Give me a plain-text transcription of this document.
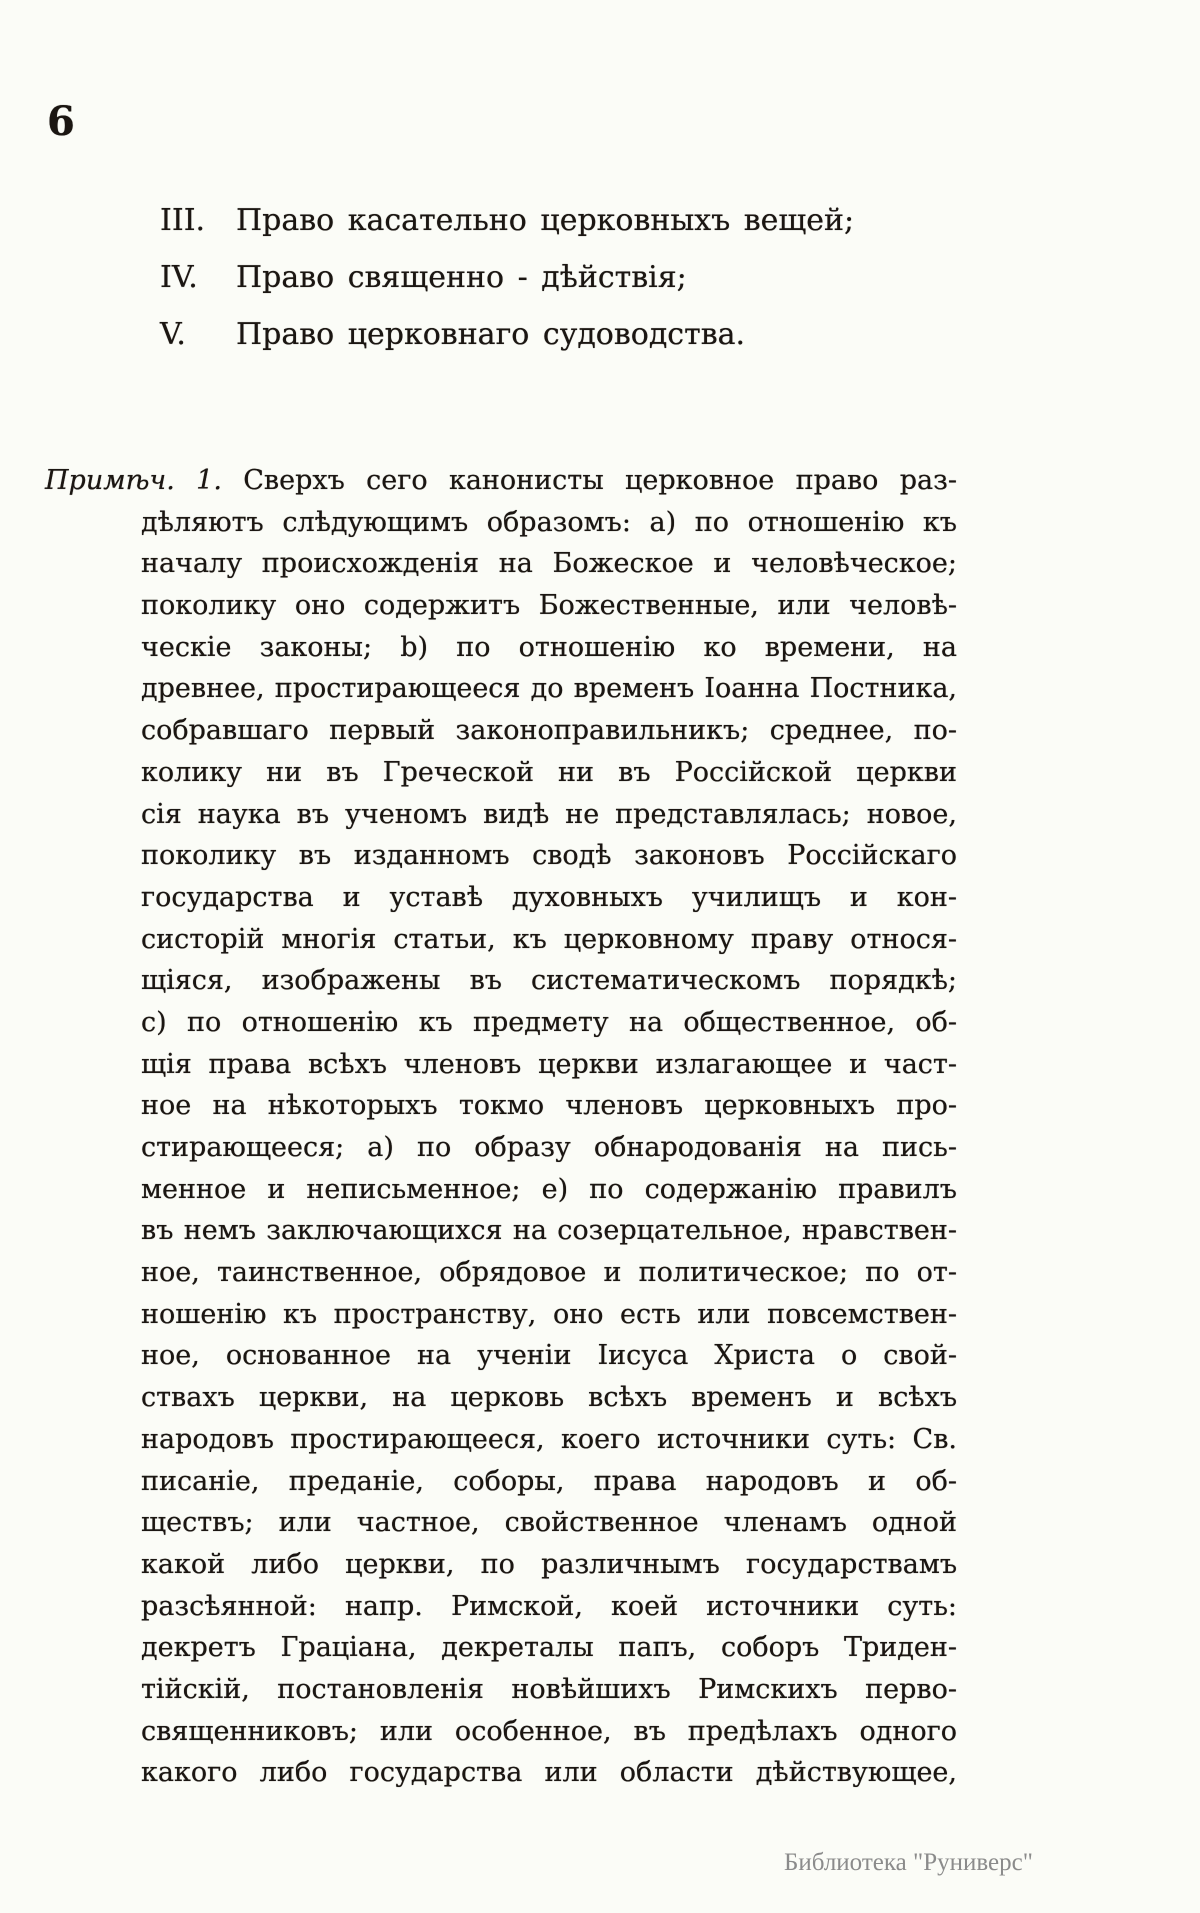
6
III.	Право касательно церковныхъ вещей;
IV.	Право священно - дѣйствія;
V.	Право церковнаго судоводства.
Примѣч. 1. Сверхъ сего канонисты церковное право раз-
дѣляютъ слѣдующимъ образомъ: а) по отношенію къ
началу происхожденія на Божеское и человѣческое;
поколику оно содержитъ Божественные, или человѣ-
ческіе законы; b) по отношенію ко времени, на
древнее, простирающееся до временъ Іоанна Постника,
собравшаго первый законоправильникъ; среднее, по-
колику ни въ Греческой ни въ Россійской церкви
сія наука въ ученомъ видѣ не представлялась; новое,
поколику въ изданномъ сводѣ законовъ Россійскаго
государства и уставѣ духовныхъ училищъ и кон-
систорій многія статьи, къ церковному праву относя-
щіяся, изображены въ систематическомъ порядкѣ;
с) по отношенію къ предмету на общественное, об-
щія права всѣхъ членовъ церкви излагающее и част-
ное на нѣкоторыхъ токмо членовъ церковныхъ про-
стирающееся; а) по образу обнародованія на пись-
менное и неписьменное; е) по содержанію правилъ
въ немъ заключающихся на созерцательное, нравствен-
ное, таинственное, обрядовое и политическое; по от-
ношенію къ пространству, оно есть или повсемствен-
ное, основанное на ученіи Іисуса Христа о свой-
ствахъ церкви, на церковь всѣхъ временъ и всѣхъ
народовъ простирающееся, коего источники суть: Св.
писаніе, преданіе, соборы, права народовъ и об-
ществъ; или частное, свойственное членамъ одной
какой либо церкви, по различнымъ государствамъ
разсѣянной: напр. Римской, коей источники суть:
декретъ Граціана, декреталы папъ, соборъ Триден-
тійскій, постановленія новѣйшихъ Римскихъ перво-
священниковъ; или особенное, въ предѣлахъ одного
какого либо государства или области дѣйствующее,
Библиотека "Руниверс"
